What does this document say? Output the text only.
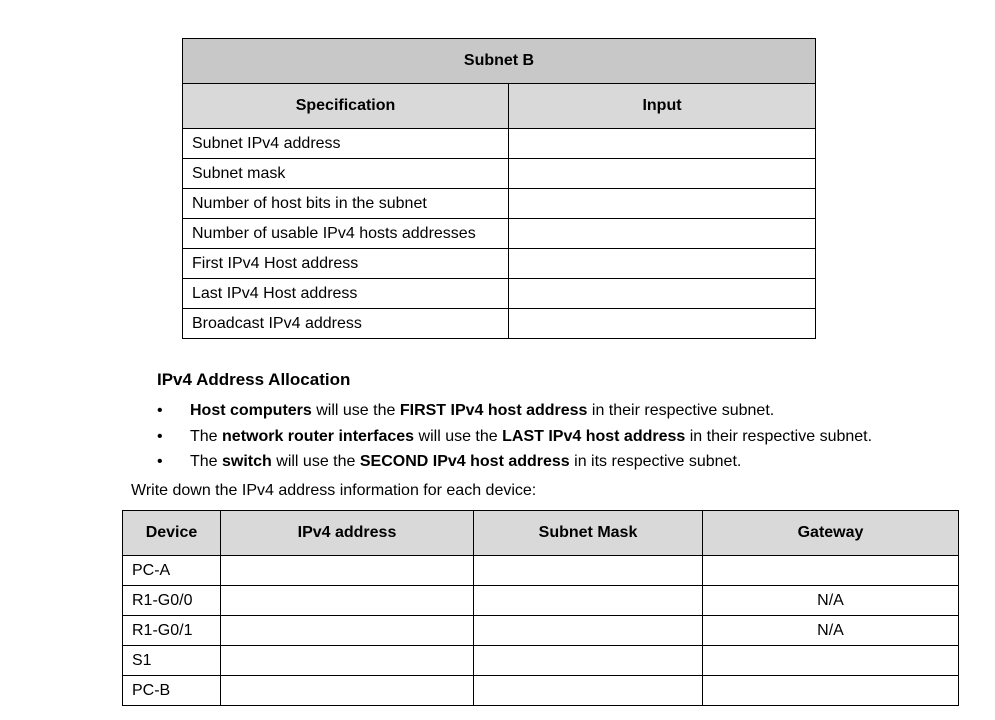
Subnet B	
Specification	Input
Subnet IPv4 address	
Subnet mask	
Number of host bits in the subnet	
Number of usable IPv4 hosts addresses	
First IPv4 Host address	
Last IPv4 Host address	
Broadcast IPv4 address	
IPv4 Address Allocation
• Host computers will use the FIRST IPv4 host address in their respective subnet.
• The network router interfaces will use the LAST IPv4 host address in their respective subnet.
• The switch will use the SECOND IPv4 host address in its respective subnet.
Write down the IPv4 address information for each device:
Device	IPv4 address	Subnet Mask	Gateway
PC-A			
R1-G0/0			N/A
R1-G0/1			N/A
S1			
PC-B			
